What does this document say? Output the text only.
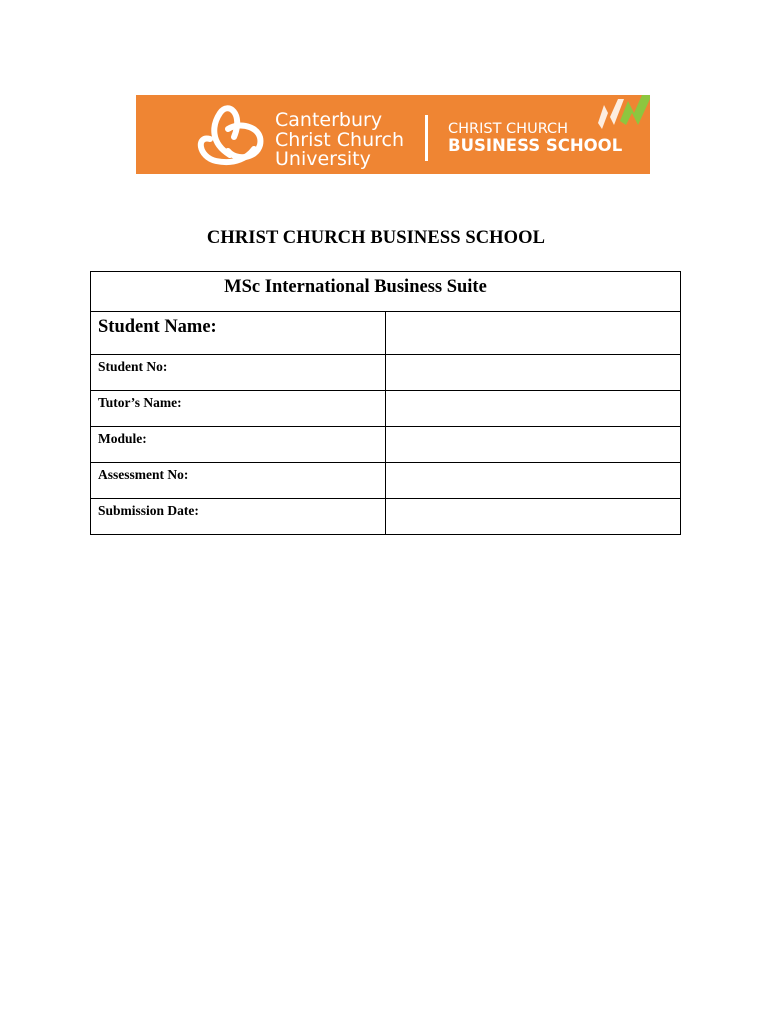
Canterbury
Christ Church
University
CHRIST CHURCH
BUSINESS SCHOOL
CHRIST CHURCH BUSINESS SCHOOL
MSc International Business Suite	

Student Name:	

Student No:	

Tutor’s Name:	

Module:	

Assessment No:	

Submission Date:	
